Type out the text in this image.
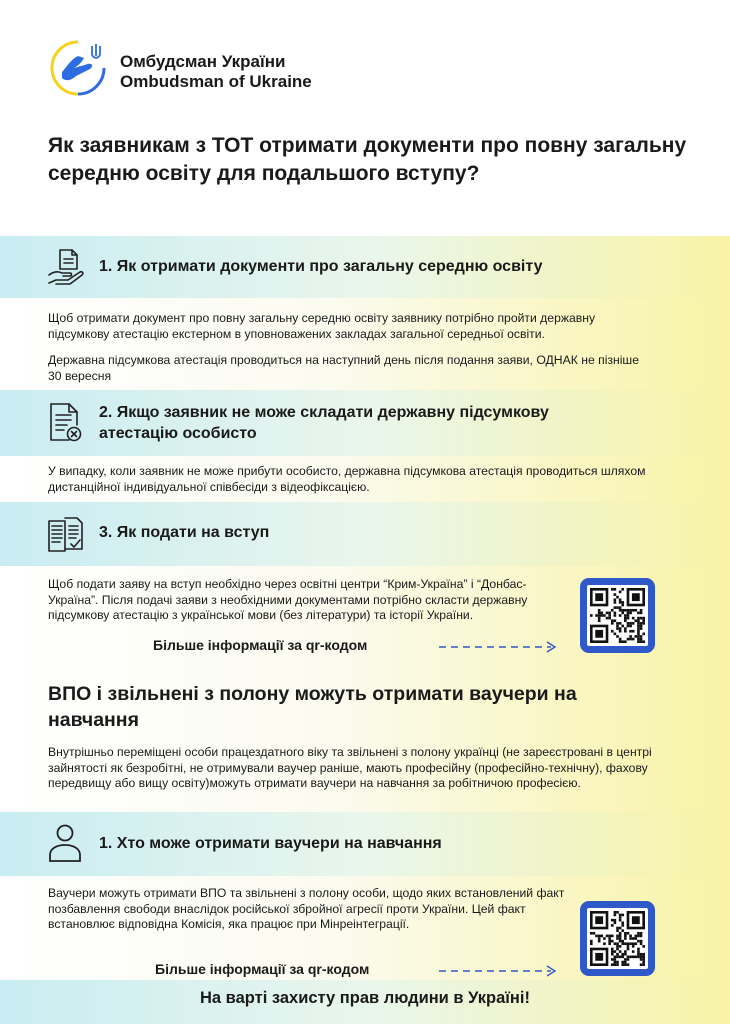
Омбудсман України
Ombudsman of Ukraine
Як заявникам з ТОТ отримати документи про повну загальну середню освіту для подальшого вступу?
1. Як отримати документи про загальну середню освіту
Щоб отримати документ про повну загальну середню освіту заявнику потрібно пройти державну підсумкову атестацію екстерном в уповноважених закладах загальної середньої освіти.
Державна підсумкова атестація проводиться на наступний день після подання заяви, ОДНАК не пізніше 30 вересня
2. Якщо заявник не може складати державну підсумкову атестацію особисто
У випадку, коли заявник не може прибути особисто, державна підсумкова атестація проводиться шляхом дистанційної індивідуальної співбесіди з відеофіксацією.
3. Як подати на вступ
Щоб подати заяву на вступ необхідно через освітні центри “Крим-Україна” і “Донбас-Україна”. Після подачі заяви з необхідними документами потрібно скласти державну підсумкову атестацію з української мови (без літератури) та історії України.
Більше інформації за qr-кодом
ВПО і звільнені з полону можуть отримати ваучери на навчання
Внутрішньо переміщені особи працездатного віку та звільнені з полону українці (не зареєстровані в центрі зайнятості як безробітні, не отримували ваучер раніше, мають професійну (професійно-технічну), фахову передвищу або вищу освіту)можуть отримати ваучери на навчання за робітничою професією.
1. Хто може отримати ваучери на навчання
Ваучери можуть отримати ВПО та звільнені з полону особи, щодо яких встановлений факт позбавлення свободи внаслідок російської збройної агресії проти України. Цей факт встановлює відповідна Комісія, яка працює при Мінреінтеграції.
Більше інформації за qr-кодом
На варті захисту прав людини в Україні!
